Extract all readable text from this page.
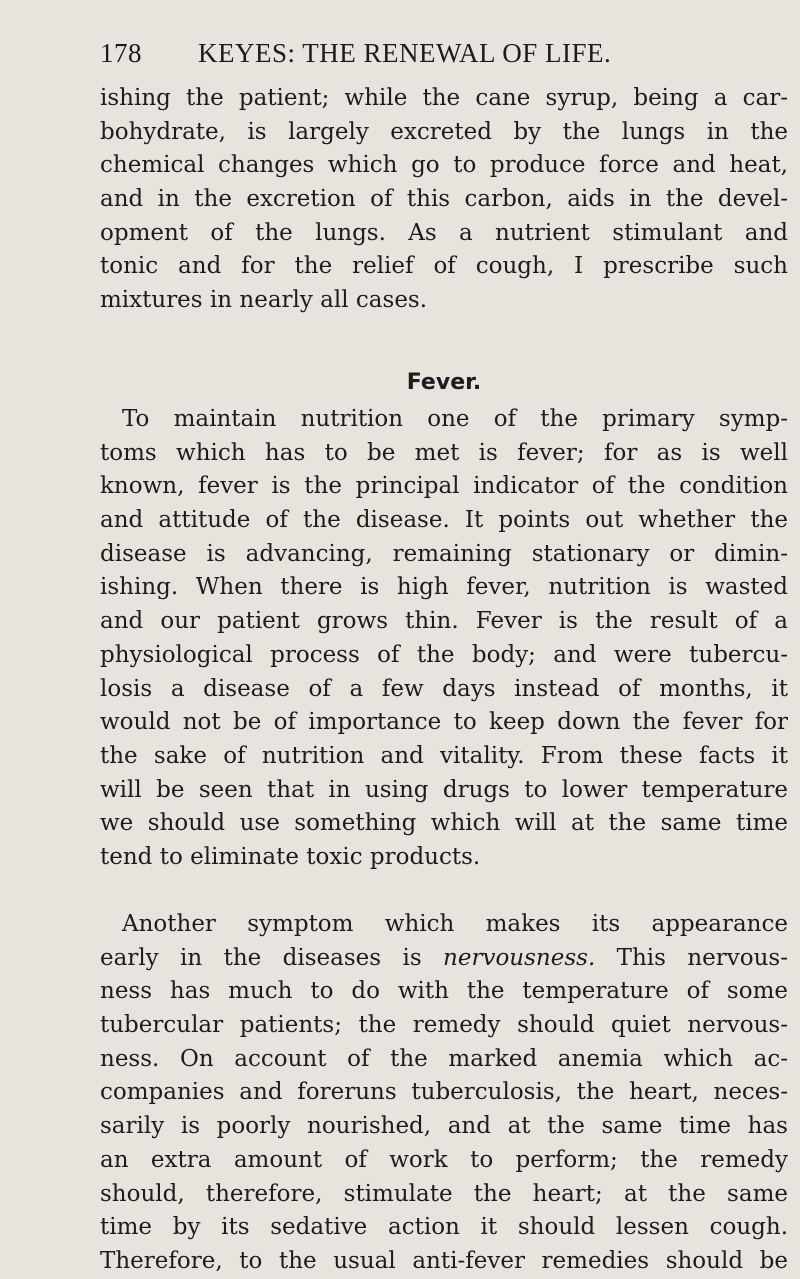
178 KEYES: THE RENEWAL OF LIFE.
ishing the patient; while the cane syrup, being a car-
bohydrate, is largely excreted by the lungs in the
chemical changes which go to produce force and heat,
and in the excretion of this carbon, aids in the devel-
opment of the lungs. As a nutrient stimulant and
tonic and for the relief of cough, I prescribe such
mixtures in nearly all cases.
Fever.
To maintain nutrition one of the primary symp-
toms which has to be met is fever; for as is well
known, fever is the principal indicator of the condition
and attitude of the disease. It points out whether the
disease is advancing, remaining stationary or dimin-
ishing. When there is high fever, nutrition is wasted
and our patient grows thin. Fever is the result of a
physiological process of the body; and were tubercu-
losis a disease of a few days instead of months, it
would not be of importance to keep down the fever for
the sake of nutrition and vitality. From these facts it
will be seen that in using drugs to lower temperature
we should use something which will at the same time
tend to eliminate toxic products.
Another symptom which makes its appearance
early in the diseases is nervousness. This nervous-
ness has much to do with the temperature of some
tubercular patients; the remedy should quiet nervous-
ness. On account of the marked anemia which ac-
companies and foreruns tuberculosis, the heart, neces-
sarily is poorly nourished, and at the same time has
an extra amount of work to perform; the remedy
should, therefore, stimulate the heart; at the same
time by its sedative action it should lessen cough.
Therefore, to the usual anti-fever remedies should be
